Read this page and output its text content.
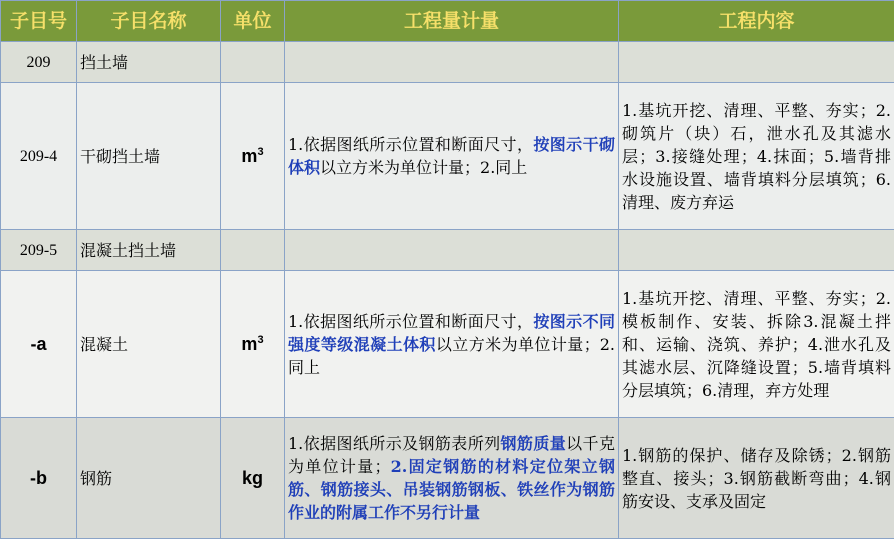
子目号	子目名称	单位	工程量计量	工程内容
209	挡土墙			
209-4	干砌挡土墙	$m^3$	1.依据图纸所示位置和断面尺寸，按图示干砌体积以立方米为单位计量；2.同上	1.基坑开挖、清理、平整、夯实；2.砌筑片（块）石，泄水孔及其滤水层；3.接缝处理；4.抹面；5.墙背排水设施设置、墙背填料分层填筑；6.清理、废方弃运
209-5	混凝土挡土墙			
-a	混凝土	$m^3$	1.依据图纸所示位置和断面尺寸，按图示不同强度等级混凝土体积以立方米为单位计量；2.同上	1.基坑开挖、清理、平整、夯实；2.模板制作、安装、拆除3.混凝土拌和、运输、浇筑、养护；4.泄水孔及其滤水层、沉降缝设置；5.墙背填料分层填筑；6.清理，弃方处理
-b	钢筋	kg	1.依据图纸所示及钢筋表所列钢筋质量以千克为单位计量；2.固定钢筋的材料定位架立钢筋、钢筋接头、吊装钢筋钢板、铁丝作为钢筋作业的附属工作不另行计量	1.钢筋的保护、储存及除锈；2.钢筋整直、接头；3.钢筋截断弯曲；4.钢筋安设、支承及固定
